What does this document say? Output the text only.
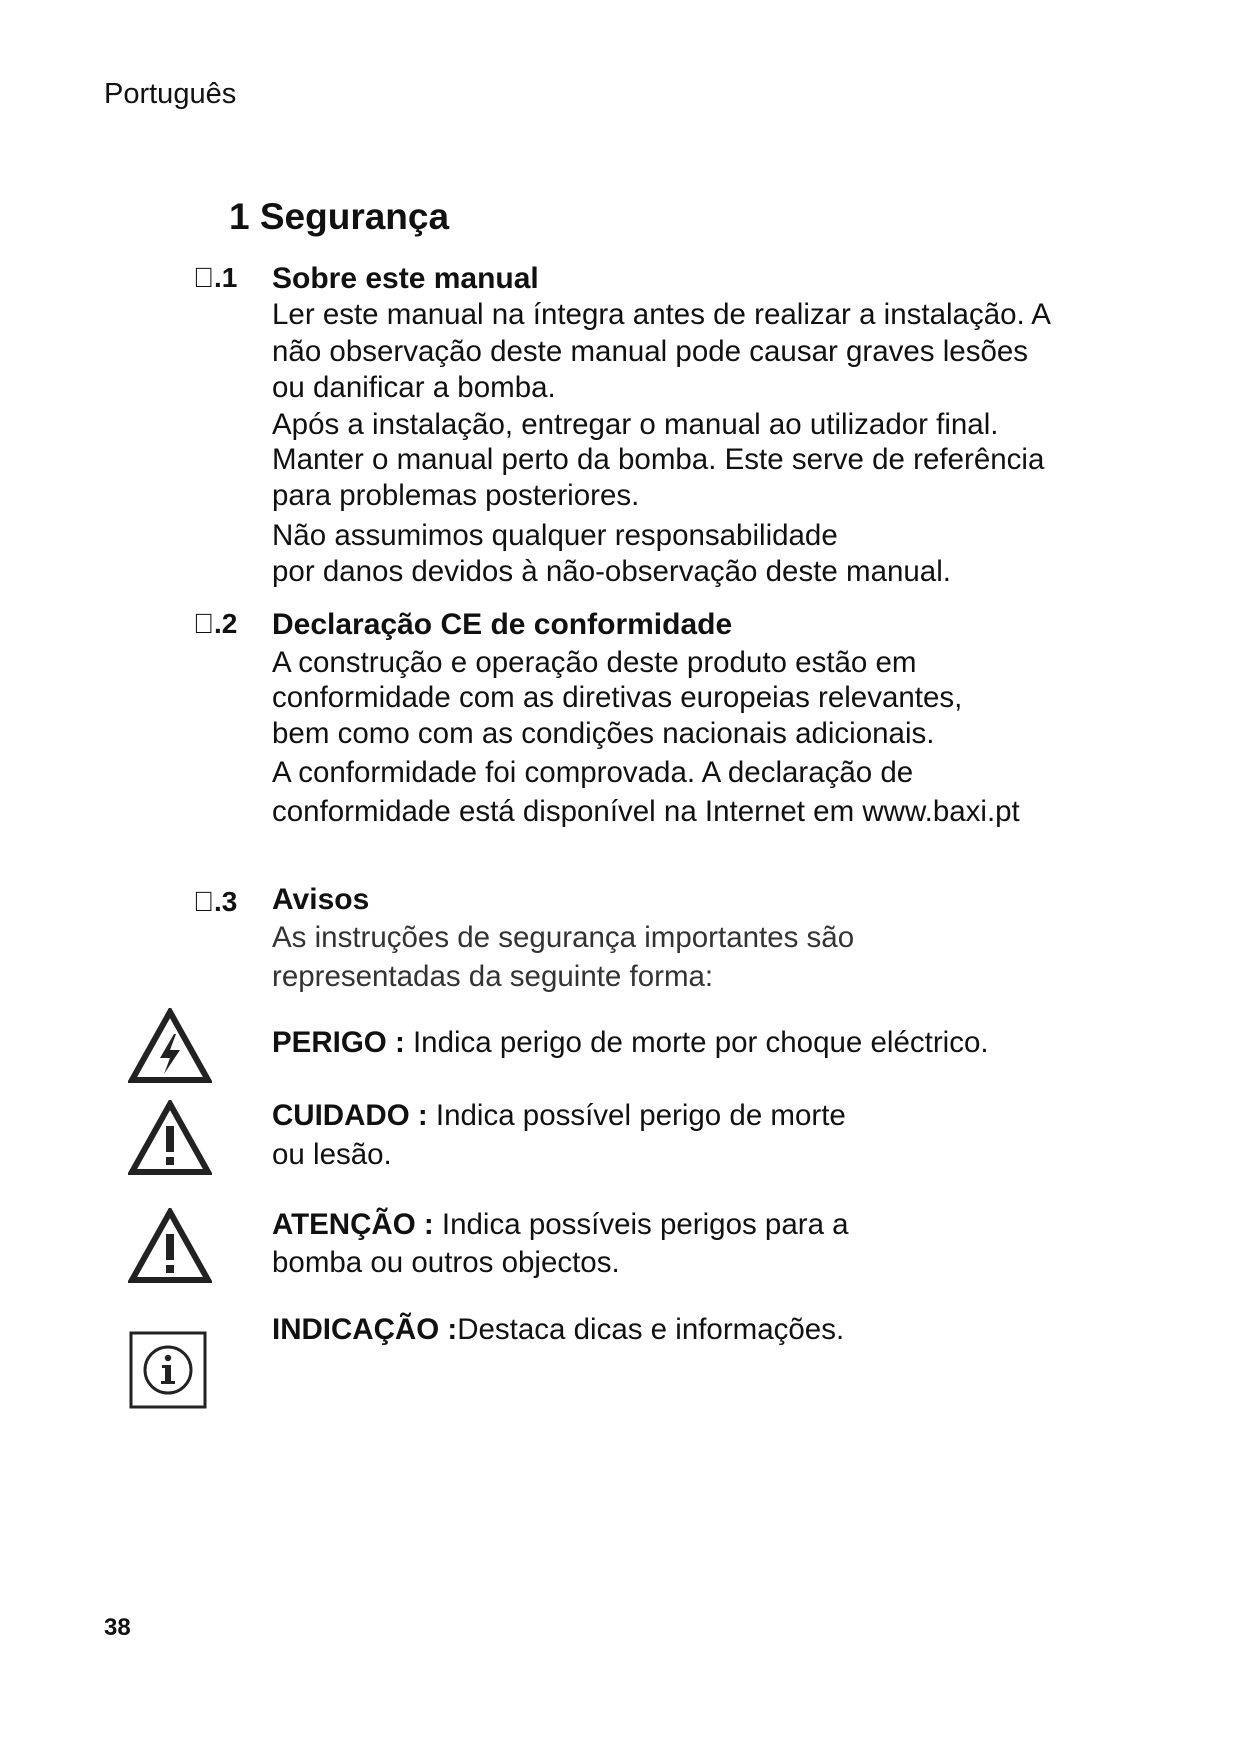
Português
1 Segurança
 .1 Sobre este manual
Ler este manual na íntegra antes de realizar a instalação. A
não observação deste manual pode causar graves lesões
ou danificar a bomba.
Após a instalação, entregar o manual ao utilizador final.
Manter o manual perto da bomba. Este serve de referência
para problemas posteriores.
Não assumimos qualquer responsabilidade
por danos devidos à não-observação deste manual.
 .2 Declaração CE de conformidade
A construção e operação deste produto estão em
conformidade com as diretivas europeias relevantes,
bem como com as condições nacionais adicionais.
A conformidade foi comprovada. A declaração de
conformidade está disponível na Internet em www.baxi.pt
 .3 Avisos
As instruções de segurança importantes são
representadas da seguinte forma:
PERIGO : Indica perigo de morte por choque eléctrico.
CUIDADO : Indica possível perigo de morte
ou lesão.
ATENÇÃO : Indica possíveis perigos para a
bomba ou outros objectos.
INDICAÇÃO :Destaca dicas e informações.
38
